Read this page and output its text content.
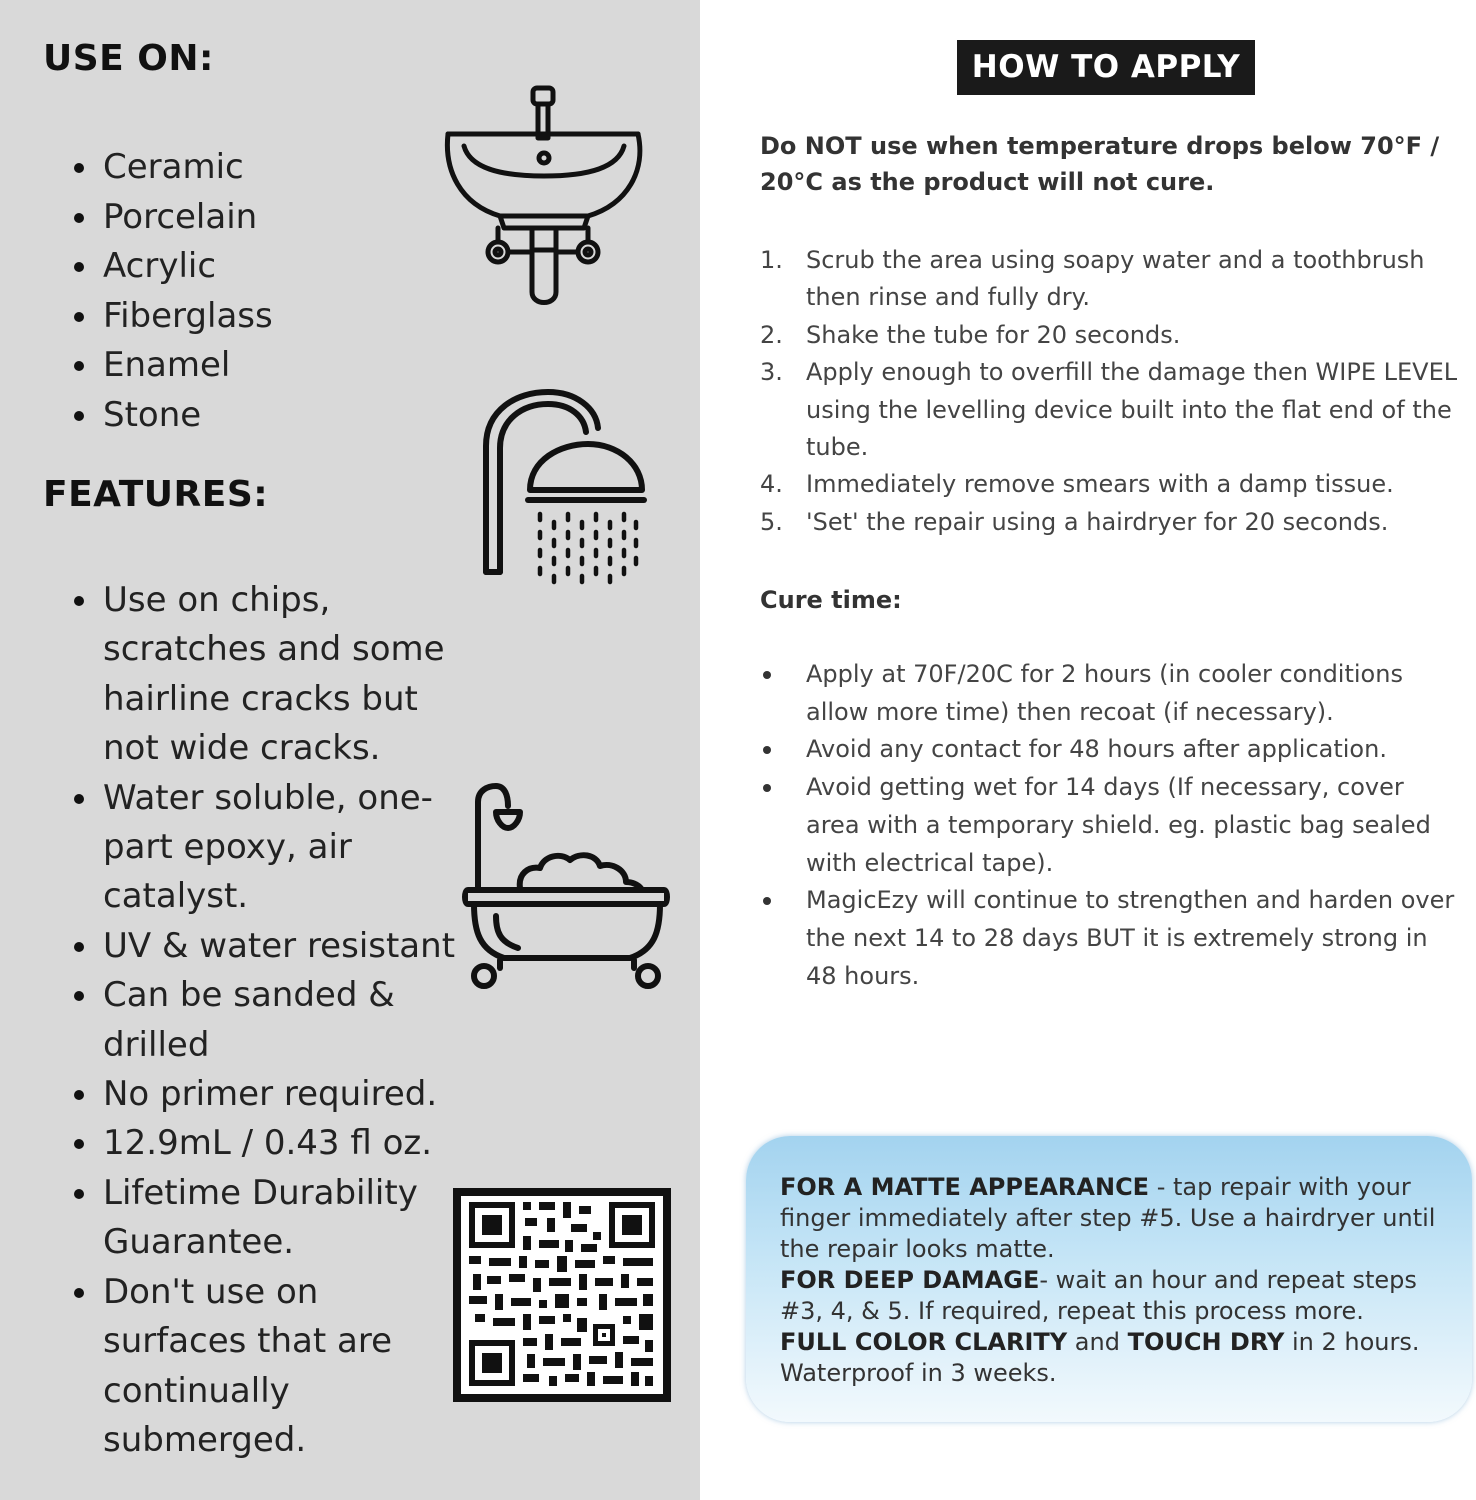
USE ON:
Ceramic
Porcelain
Acrylic
Fiberglass
Enamel
Stone
FEATURES:
Use on chips, scratches and some hairline cracks but not wide cracks.
Water soluble, one-part epoxy, air catalyst.
UV & water resistant
Can be sanded & drilled
No primer required.
12.9mL / 0.43 fl oz.
Lifetime Durability Guarantee.
Don't use on surfaces that are continually submerged.
HOW TO APPLY
Do NOT use when temperature drops below 70°F / 20°C as the product will not cure.
1. Scrub the area using soapy water and a toothbrush then rinse and fully dry.
2. Shake the tube for 20 seconds.
3. Apply enough to overfill the damage then WIPE LEVEL using the levelling device built into the flat end of the tube.
4. Immediately remove smears with a damp tissue.
5. 'Set' the repair using a hairdryer for 20 seconds.
Cure time:
Apply at 70F/20C for 2 hours (in cooler conditions allow more time) then recoat (if necessary).
Avoid any contact for 48 hours after application.
Avoid getting wet for 14 days (If necessary, cover area with a temporary shield. eg. plastic bag sealed with electrical tape).
MagicEzy will continue to strengthen and harden over the next 14 to 28 days BUT it is extremely strong in 48 hours.
FOR A MATTE APPEARANCE - tap repair with your finger immediately after step #5. Use a hairdryer until the repair looks matte.
FOR DEEP DAMAGE- wait an hour and repeat steps #3, 4, & 5. If required, repeat this process more.
FULL COLOR CLARITY and TOUCH DRY in 2 hours.
Waterproof in 3 weeks.
